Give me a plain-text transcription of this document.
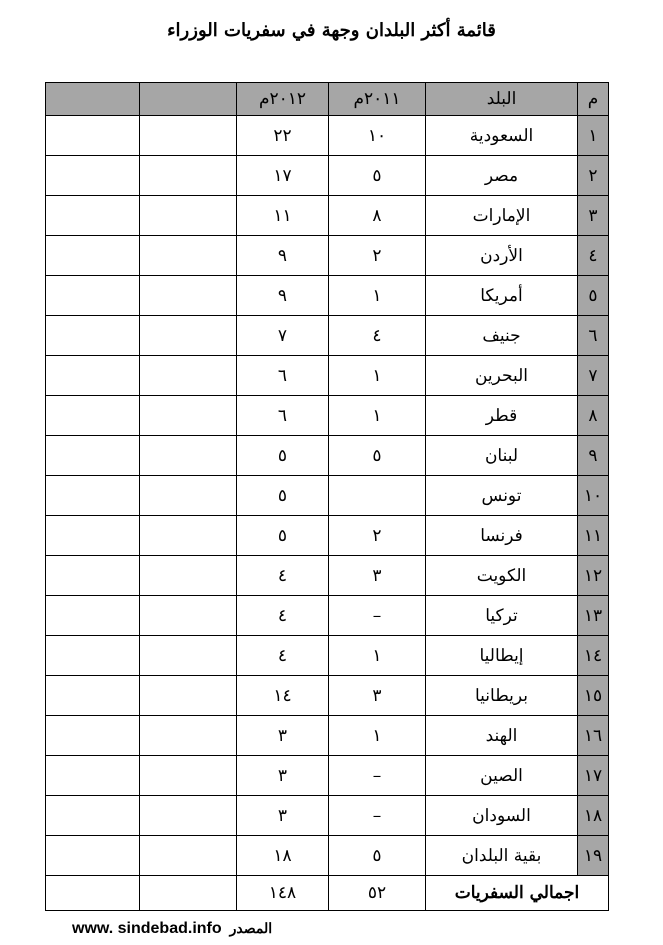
قائمة أكثر البلدان وجهة في سفريات الوزراء
م	البلد	٢٠١١م	٢٠١٢م		
١	السعودية	١٠	٢٢		
٢	مصر	٥	١٧		
٣	الإمارات	٨	١١		
٤	الأردن	٢	٩		
٥	أمريكا	١	٩		
٦	جنيف	٤	٧		
٧	البحرين	١	٦		
٨	قطر	١	٦		
٩	لبنان	٥	٥		
١٠	تونس		٥		
١١	فرنسا	٢	٥		
١٢	الكويت	٣	٤		
١٣	تركيا	–	٤		
١٤	إيطاليا	١	٤		
١٥	بريطانيا	٣	١٤		
١٦	الهند	١	٣		
١٧	الصين	–	٣		
١٨	السودان	–	٣		
١٩	بقية البلدان	٥	١٨		
اجمالي السفريات		٥٢	١٤٨		
www. sindebad.info المصدر
